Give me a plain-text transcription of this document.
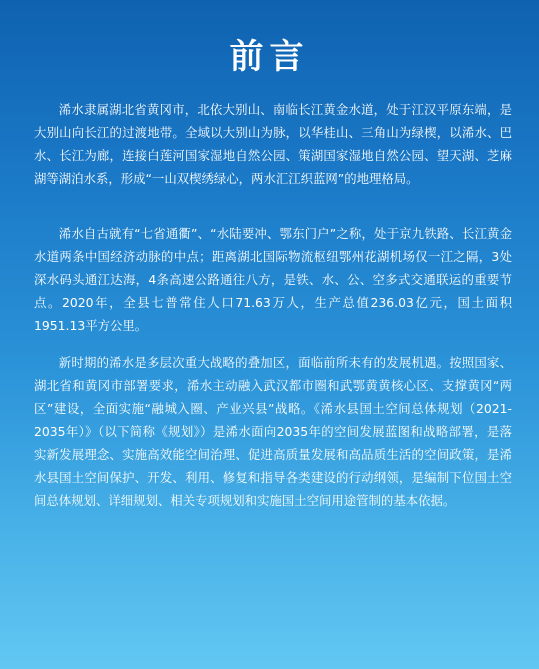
前言

浠水隶属湖北省黄冈市，北依大别山、南临长江黄金水道，处于江汉平原东端，是大别山向长江的过渡地带。全域以大别山为脉，以华桂山、三角山为绿楔，以浠水、巴水、长江为廊，连接白莲河国家湿地自然公园、策湖国家湿地自然公园、望天湖、芝麻湖等湖泊水系，形成“一山双楔绣绿心，两水汇江织蓝网”的地理格局。

浠水自古就有“七省通衢”、“水陆要冲、鄂东门户”之称，处于京九铁路、长江黄金水道两条中国经济动脉的中点；距离湖北国际物流枢纽鄂州花湖机场仅一江之隔，3处深水码头通江达海，4条高速公路通往八方，是铁、水、公、空多式交通联运的重要节点。2020年，全县七普常住人口71.63万人，生产总值236.03亿元，国土面积1951.13平方公里。

新时期的浠水是多层次重大战略的叠加区，面临前所未有的发展机遇。按照国家、湖北省和黄冈市部署要求，浠水主动融入武汉都市圈和武鄂黄黄核心区、支撑黄冈“两区”建设，全面实施“融城入圈、产业兴县”战略。《浠水县国土空间总体规划（2021-2035年）》（以下简称《规划》）是浠水面向2035年的空间发展蓝图和战略部署，是落实新发展理念、实施高效能空间治理、促进高质量发展和高品质生活的空间政策，是浠水县国土空间保护、开发、利用、修复和指导各类建设的行动纲领，是编制下位国土空间总体规划、详细规划、相关专项规划和实施国土空间用途管制的基本依据。
